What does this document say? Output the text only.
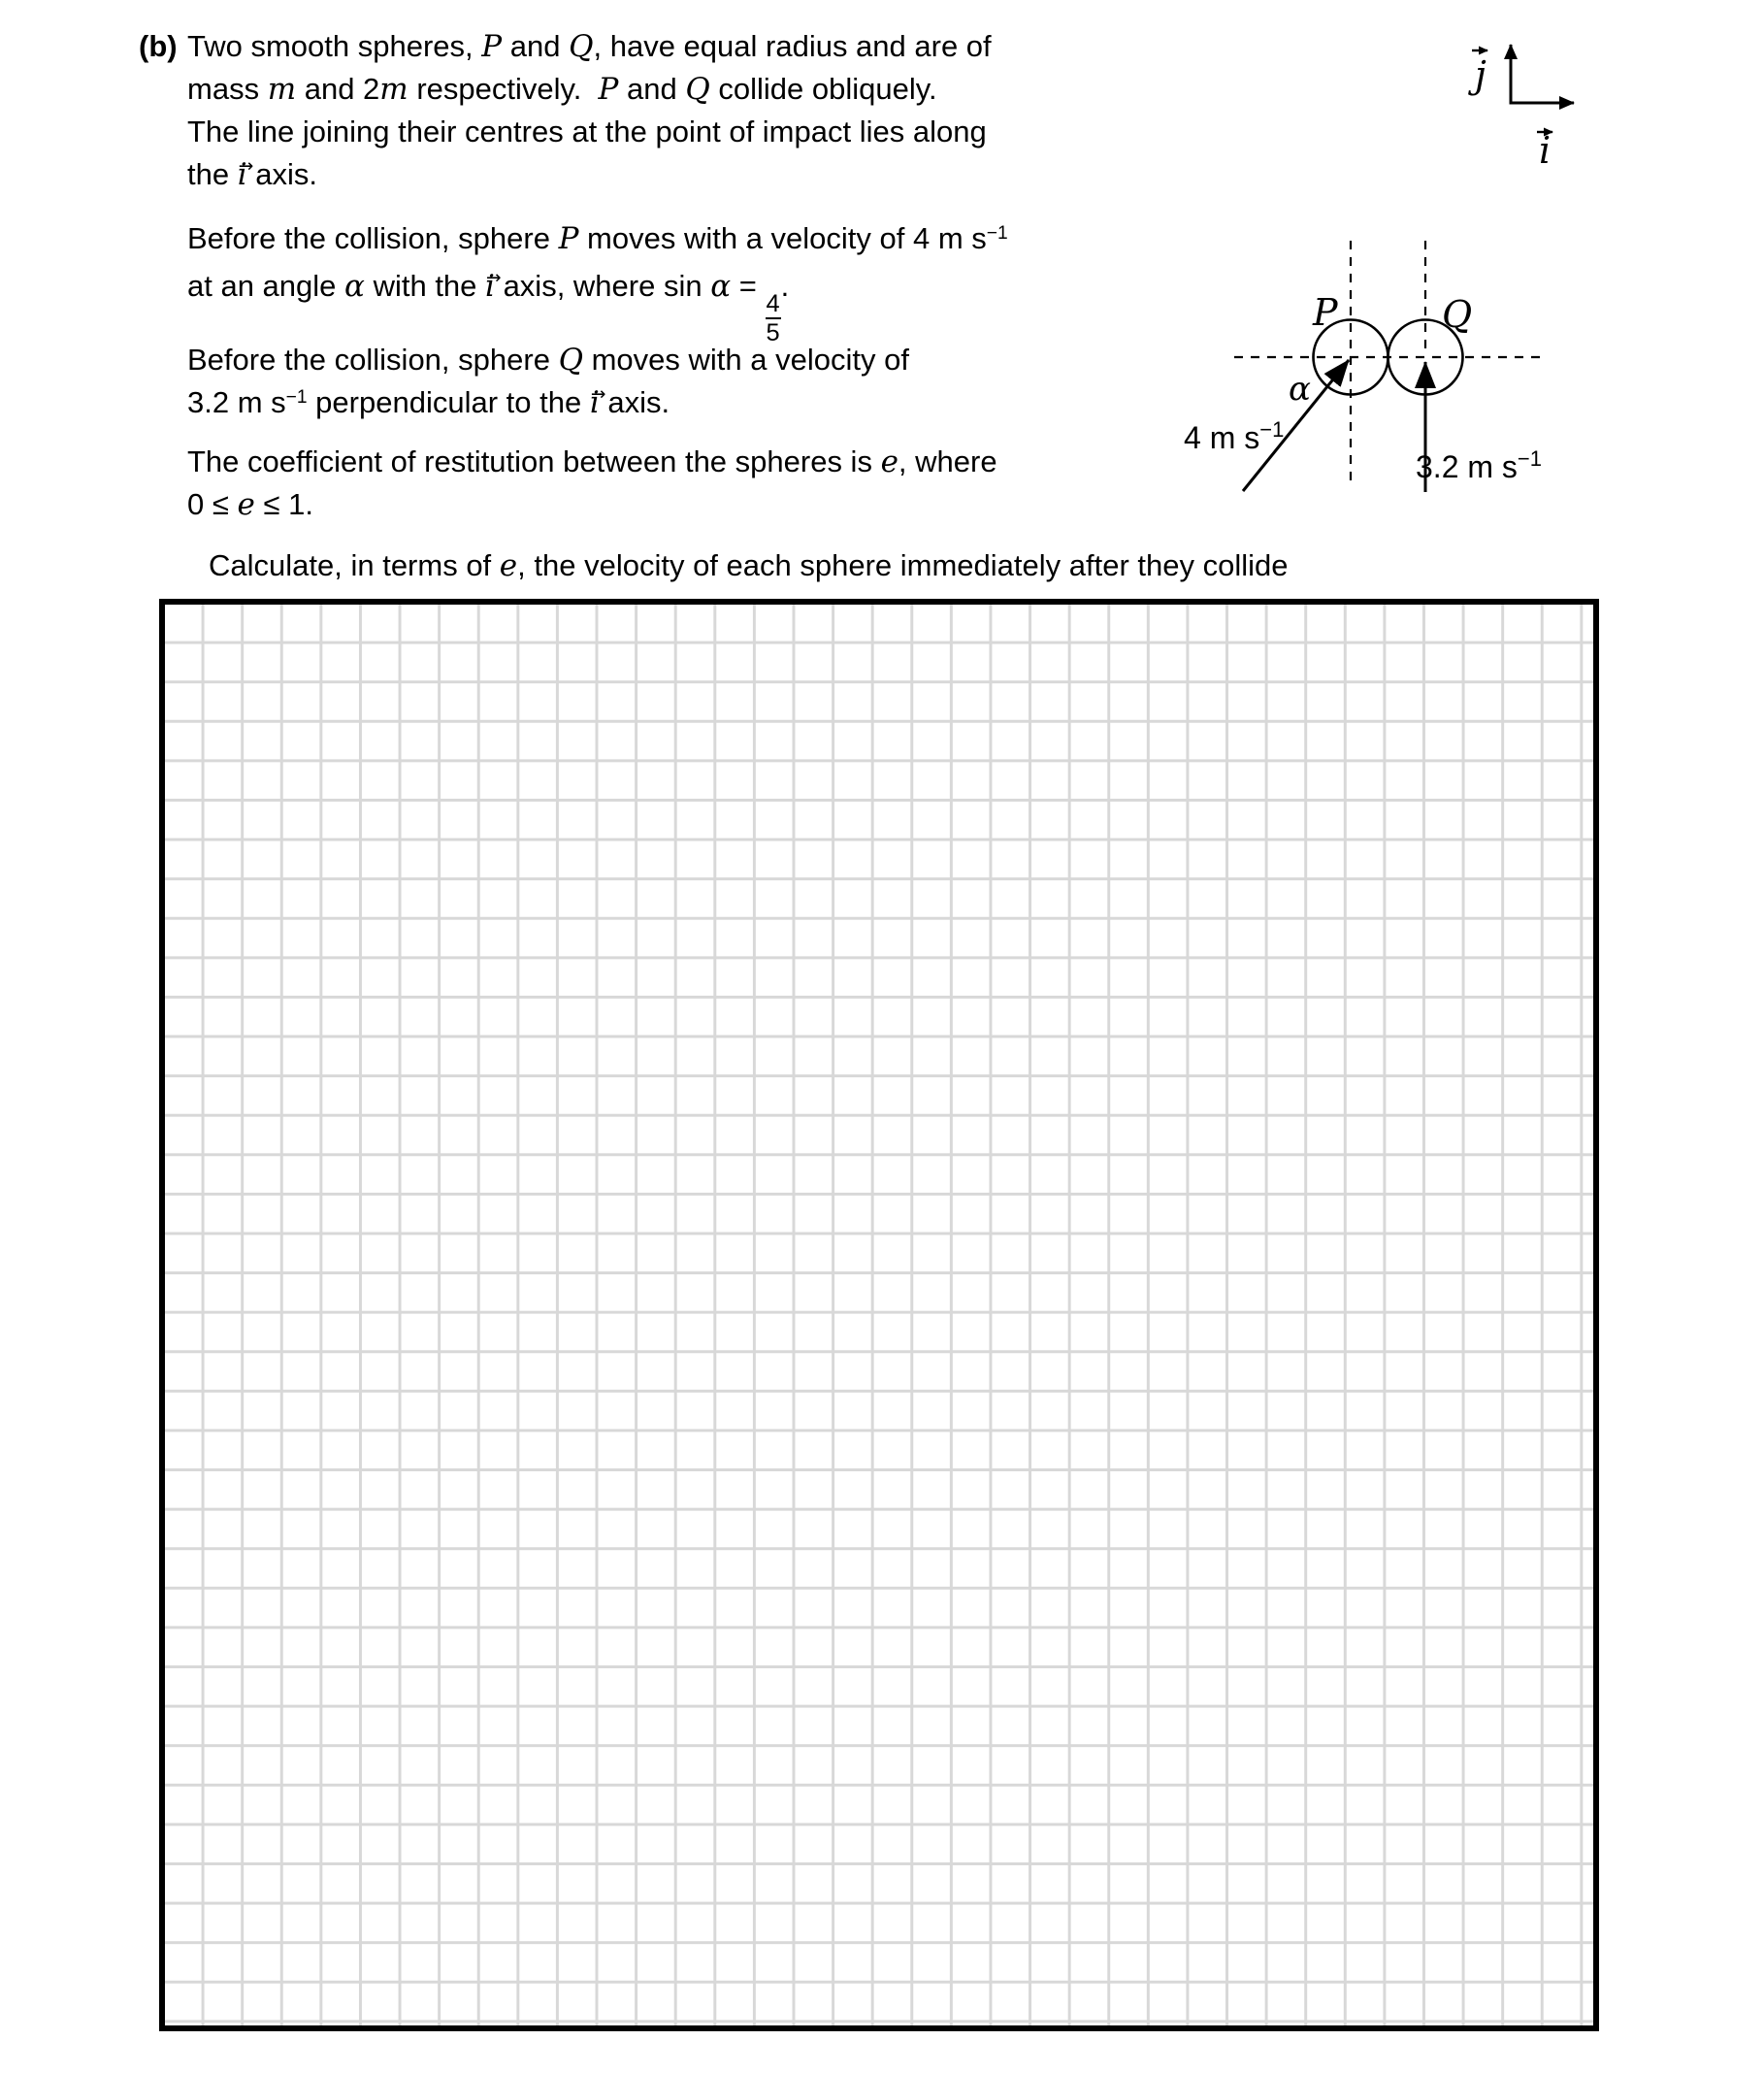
(b) Two smooth spheres, P and Q, have equal radius and are of
mass m and 2m respectively.  P and Q collide obliquely.
The line joining their centres at the point of impact lies along
the i → axis.
Before the collision, sphere P moves with a velocity of 4 m $s^{-1}$
at an angle α with the i → axis, where sin α =
$\frac{4}{5}$
.
Before the collision, sphere Q moves with a velocity of
3.2 m $s^{-1}$ perpendicular to the i → axis.
The coefficient of restitution between the spheres is e, where
0 ≤ e ≤ 1.
Calculate, in terms of e, the velocity of each sphere immediately after they collide
j
i
P	Q
α
4 m $s^{-1}$
3.2 m $s^{-1}$
